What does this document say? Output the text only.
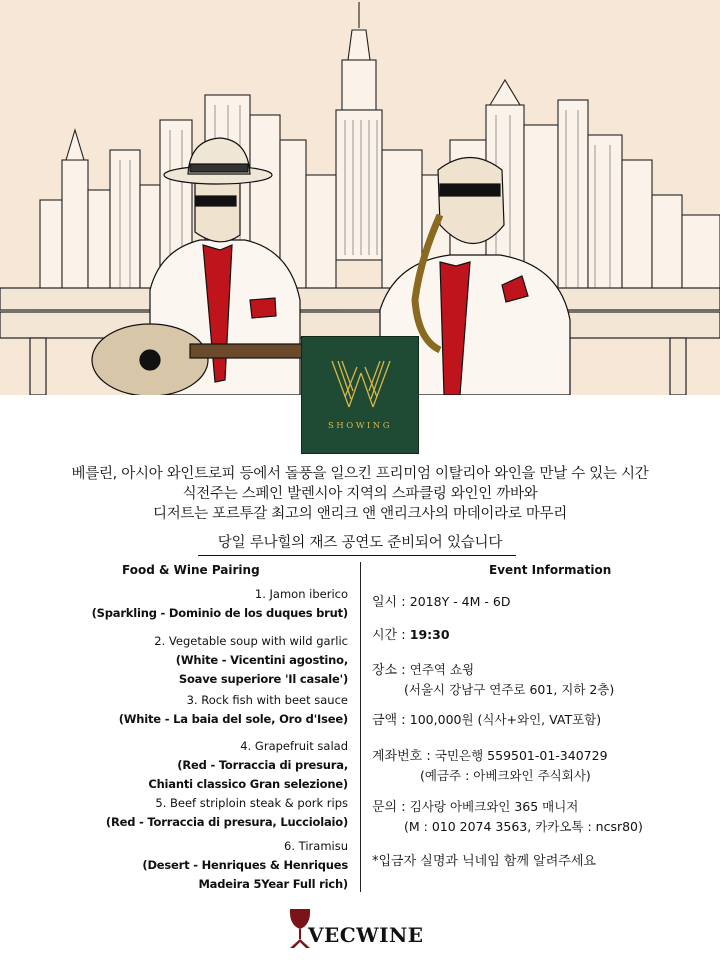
SHOWING
베를린, 아시아 와인트로피 등에서 돌풍을 일으킨 프리미엄 이탈리아 와인을 만날 수 있는 시간
식전주는 스페인 발렌시아 지역의 스파클링 와인인 까바와
디저트는 포르투갈 최고의 앤리크 앤 앤리크사의 마데이라로 마무리
당일 루나힐의 재즈 공연도 준비되어 있습니다
Food & Wine Pairing
1. Jamon iberico
(Sparkling - Dominio de los duques brut)
2. Vegetable soup with wild garlic
(White - Vicentini agostino,
Soave superiore 'Il casale')
3. Rock fish with beet sauce
(White - La baia del sole, Oro d'Isee)
4. Grapefruit salad
(Red - Torraccia di presura,
Chianti classico Gran selezione)
5. Beef striploin steak & pork rips
(Red - Torraccia di presura, Lucciolaio)
6. Tiramisu
(Desert - Henriques & Henriques
Madeira 5Year Full rich)
Event Information
일시 : 2018Y - 4M - 6D
시간 : 19:30
장소 : 연주역 쇼윙
(서울시 강남구 연주로 601, 지하 2층)
금액 : 100,000원 (식사+와인, VAT포함)
계좌번호 : 국민은행 559501-01-340729
(예금주 : 아베크와인 주식회사)
문의 : 김사랑 아베크와인 365 매니저
(M : 010 2074 3563, 카카오톡 : ncsr80)
*입금자 실명과 닉네임 함께 알려주세요
VECWINE
